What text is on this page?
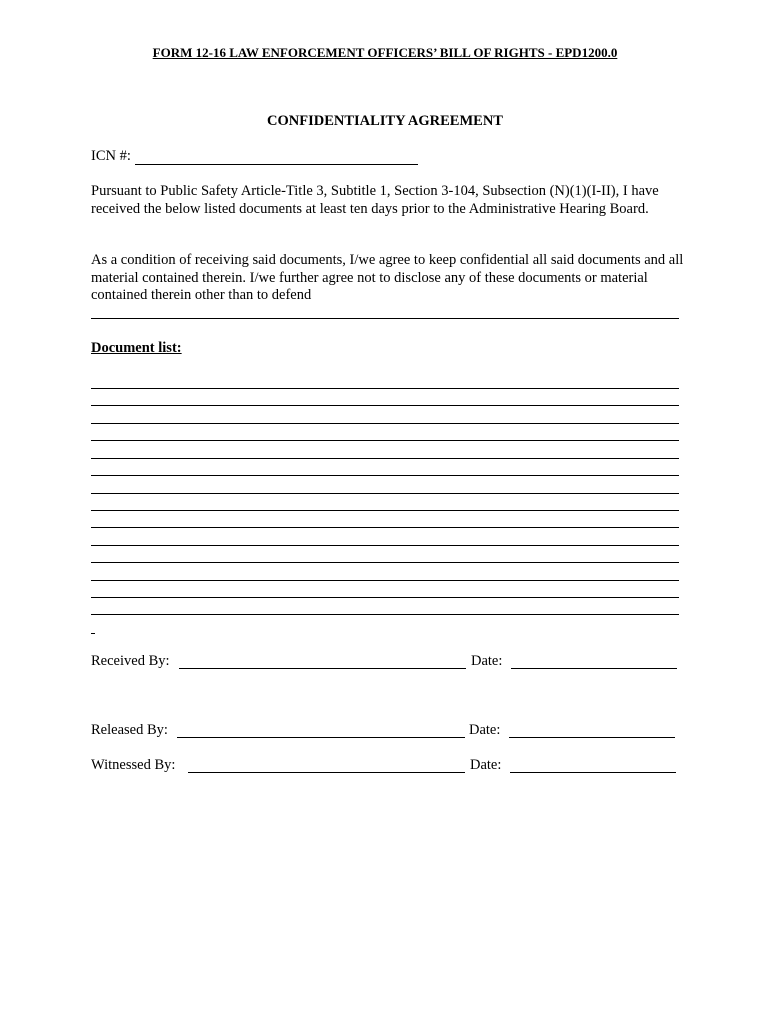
FORM 12-16 LAW ENFORCEMENT OFFICERS’ BILL OF RIGHTS - EPD1200.0
CONFIDENTIALITY AGREEMENT
ICN #:

Pursuant to Public Safety Article-Title 3, Subtitle 1, Section 3-104, Subsection (N)(1)(I-II), I have received the below listed documents at least ten days prior to the Administrative Hearing Board.

As a condition of receiving said documents, I/we agree to keep confidential all said documents and all material contained therein. I/we further agree not to disclose any of these documents or material contained therein other than to defend

Document list:
Received By:	Date:
Released By:	Date:
Witnessed By:	Date:
